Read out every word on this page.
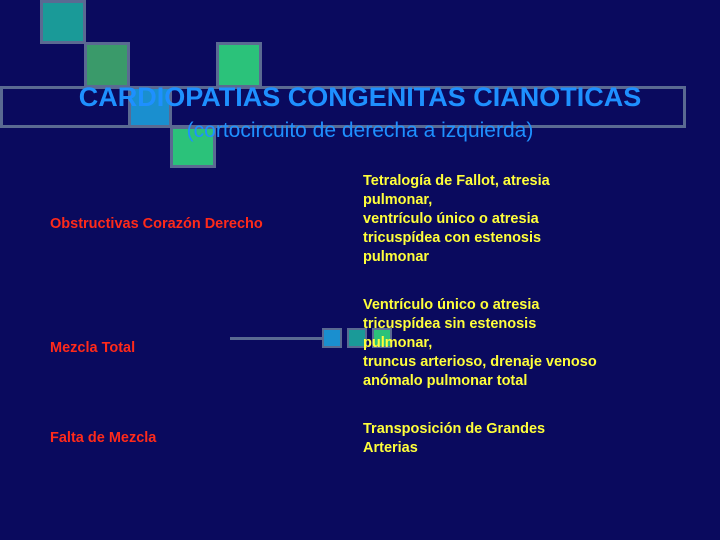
CARDIOPATIAS CONGENITAS CIANOTICAS

(cortocircuito de derecha a izquierda)

Obstructivas Corazón Derecho
Tetralogía de Fallot, atresia
pulmonar,
ventrículo único o atresia
tricuspídea con estenosis
pulmonar
Mezcla Total
Ventrículo único o atresia
tricuspídea sin estenosis
pulmonar,
truncus arterioso, drenaje venoso
anómalo pulmonar total
Falta de Mezcla
Transposición de Grandes
Arterias
